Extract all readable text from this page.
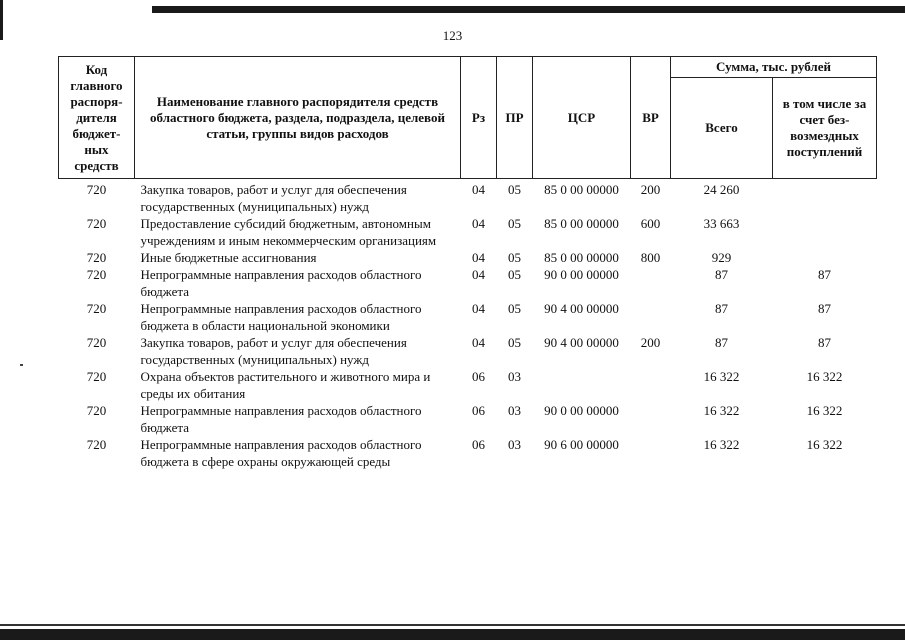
123
Код главного распоря-дителя бюджет-ных средств	Наименование главного распорядителя средств областного бюджета, раздела, подраздела, целевой статьи, группы видов расходов	Рз	ПР	ЦСР	ВР	Сумма, тыс. рублей	
						Всего	в том числе за счет без-возмездных поступлений
720	Закупка товаров, работ и услуг для обеспечения государственных (муниципальных) нужд	04	05	85 0 00 00000	200	24 260	
720	Предоставление субсидий бюджетным, автономным учреждениям и иным некоммерческим организациям	04	05	85 0 00 00000	600	33 663	
720	Иные бюджетные ассигнования	04	05	85 0 00 00000	800	929	
720	Непрограммные направления расходов областного бюджета	04	05	90 0 00 00000		87	87
720	Непрограммные направления расходов областного бюджета в области национальной экономики	04	05	90 4 00 00000		87	87
720	Закупка товаров, работ и услуг для обеспечения государственных (муниципальных) нужд	04	05	90 4 00 00000	200	87	87
720	Охрана объектов растительного и животного мира и среды их обитания	06	03			16 322	16 322
720	Непрограммные направления расходов областного бюджета	06	03	90 0 00 00000		16 322	16 322
720	Непрограммные направления расходов областного бюджета в сфере охраны окружающей среды	06	03	90 6 00 00000		16 322	16 322
